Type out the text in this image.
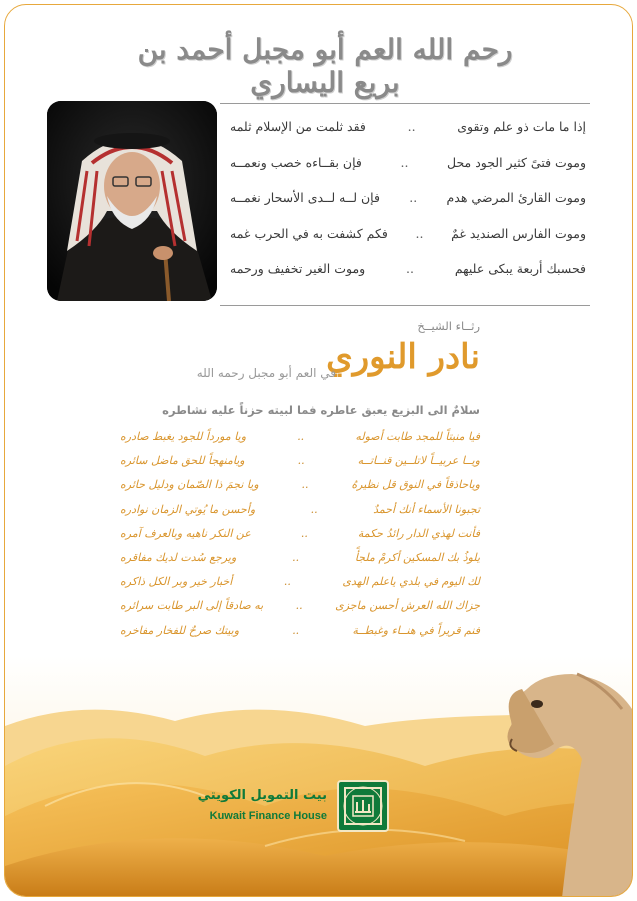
رحم الله العم أبو مجبل أحمد بن بريع اليساري
إذا ما مات ذو علم وتقوى
..
فقد ثلمت من الإسلام ثلمه
وموت فتىً كثير الجود محل
..
فإن بقــاءه خصب ونعمــه
وموت القارئ المرضي هدم
..
فإن لــه لــدى الأسحار نغمــه
وموت الفارس الصنديد غمٌ
..
فكم كشفت به في الحرب غمه
فحسبك أربعة يبكى عليهم
..
وموت الغير تخفيف ورحمه
رثــاء الشيــخ
نادر النوري
في العم أبو مجبل رحمه الله
سلامٌ الى البزيع يعبق عاطره فما لبيته حزناً عليه نشاطره
فيا منبتاً للمجد طابت أصوله
..
ويا مورداً للجود يغبط صادره
ويــا عربيــاً لاتلــين قنــاتــه
..
ويامنهجاً للحق ماضل سائره
وياحاذقاً في النوق قل نظيرهُ
..
ويا نجمَ ذا الصّمان ودليل حائره
تجبونا الأسماء أنك أحمدٌ
..
وأحسن ما يُوتي الزمان نوادره
فأنت لهذي الدار رائدُ حكمة
..
عن النكر ناهيه وبالعرف آمره
يلوذُ بك المسكين أكرمْ ملجأً
..
ويرجع سُدت لديك مفاقره
لك اليوم في بلدي ياعلم الهدى
..
أخبار خير وبر الكل ذاكره
جزاك الله العرش أحسن ماجزى
..
به صادقاً إلى البر طابت سرائره
فنم قريراً في هنــاء وغبطــة
..
وبيتك صرحٌ للفخار مفاخره
بيت التمويل الكويتي
Kuwait Finance House
